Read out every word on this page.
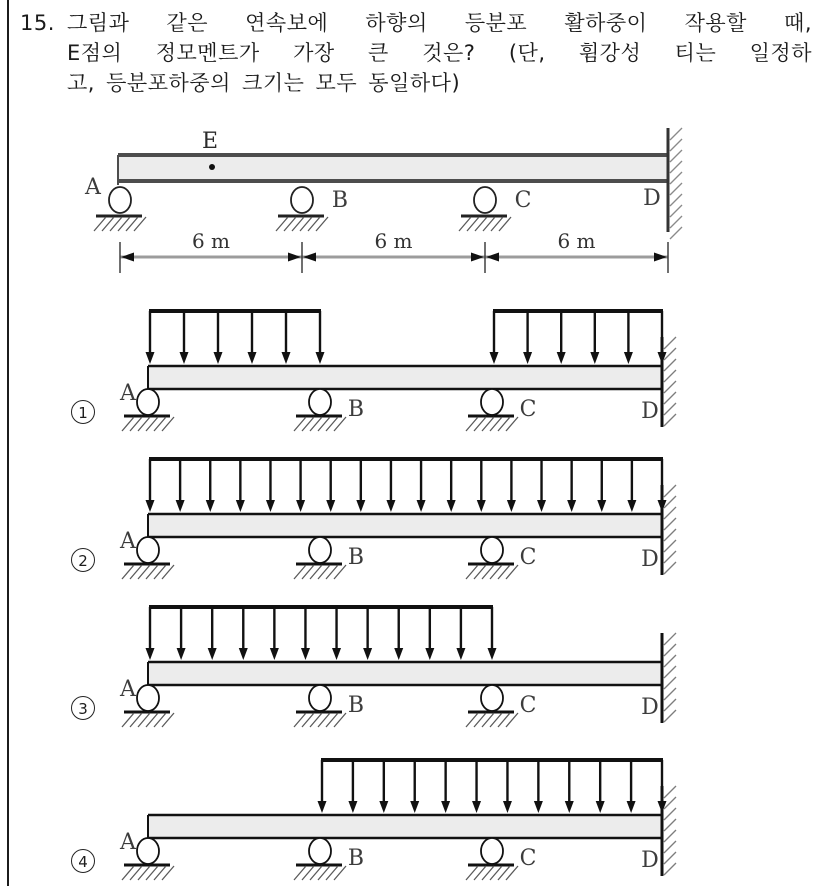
15. 그림과 같은 연속보에 하향의 등분포 활하중이 작용할 때,
E점의 정모멘트가 가장 큰 것은? (단, 휨강성 티는 일정하
고, 등분포하중의 크기는 모두 동일하다)
A
B	C	D
E
6 m	6 m	6 m
A
B	C	D
A
B	C	D
A
B	C	D
A
B	C	D
1
2
3
4
